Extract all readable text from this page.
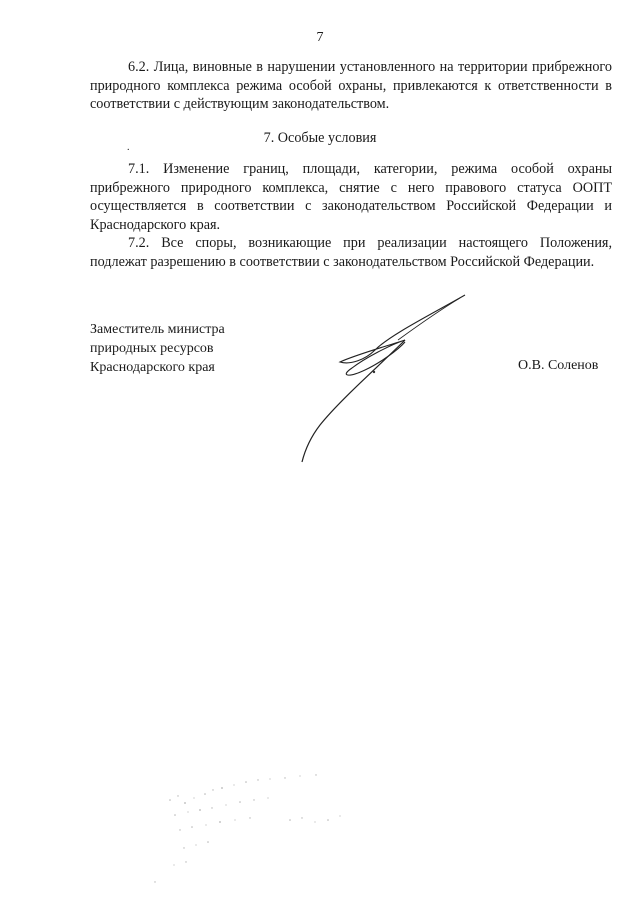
7

6.2. Лица, виновные в нарушении установленного на территории прибрежного природного комплекса режима особой охраны, привлекаются к ответственности в соответствии с действующим законодательством.

.
7. Особые условия

7.1. Изменение границ, площади, категории, режима особой охраны прибрежного природного комплекса, снятие с него правового статуса ООПТ осуществляется в соответствии с законодательством Российской Федерации и Краснодарского края.

7.2. Все споры, возникающие при реализации настоящего Положения, подлежат разрешению в соответствии с законодательством Российской Федерации.

Заместитель министра
природных ресурсов
Краснодарского края	О.В. Соленов
